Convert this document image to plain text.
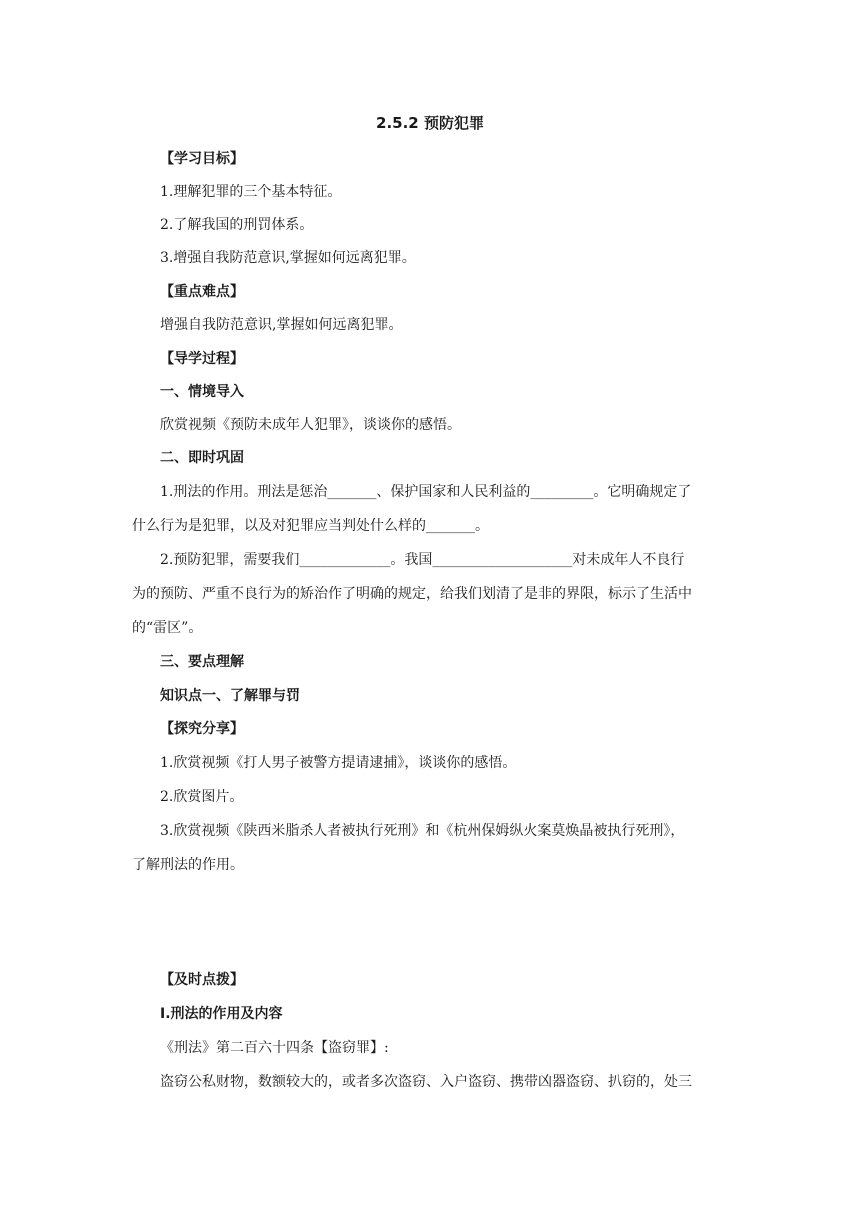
2.5.2 预防犯罪
【学习目标】
1.理解犯罪的三个基本特征。
2.了解我国的刑罚体系。
3.增强自我防范意识,掌握如何远离犯罪。
【重点难点】
增强自我防范意识,掌握如何远离犯罪。
【导学过程】
一、情境导入
欣赏视频《预防未成年人犯罪》，谈谈你的感悟。
二、即时巩固
1.刑法的作用。刑法是惩治_______、保护国家和人民利益的_________。它明确规定了
什么行为是犯罪，以及对犯罪应当判处什么样的_______。
2.预防犯罪，需要我们_____________。我国____________________对未成年人不良行
为的预防、严重不良行为的矫治作了明确的规定，给我们划清了是非的界限，标示了生活中
的“雷区”。
三、要点理解
知识点一、了解罪与罚
【探究分享】
1.欣赏视频《打人男子被警方提请逮捕》，谈谈你的感悟。
2.欣赏图片。
3.欣赏视频《陕西米脂杀人者被执行死刑》和《杭州保姆纵火案莫焕晶被执行死刑》，
了解刑法的作用。
【及时点拨】
Ⅰ.刑法的作用及内容
《刑法》第二百六十四条【盗窃罪】:
盗窃公私财物，数额较大的，或者多次盗窃、入户盗窃、携带凶器盗窃、扒窃的，处三
